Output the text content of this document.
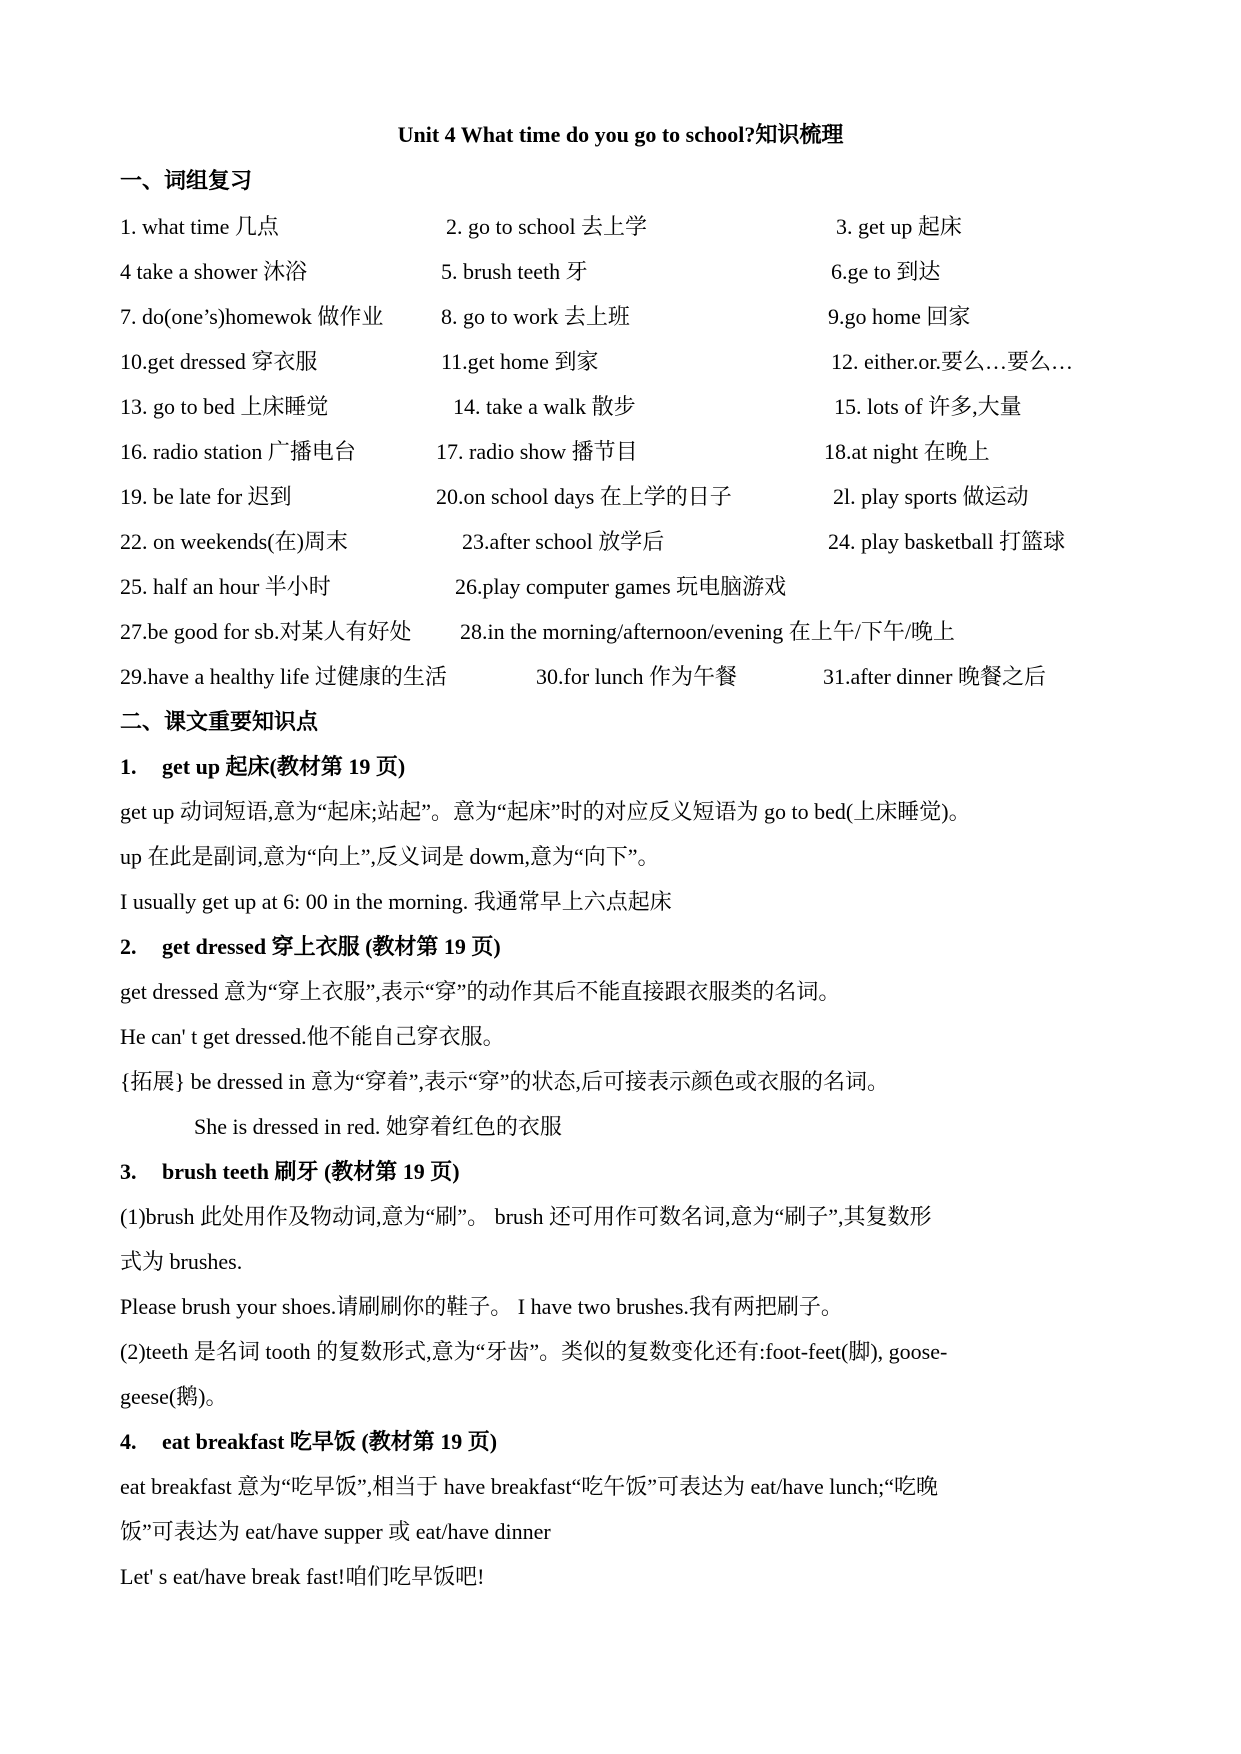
Unit 4 What time do you go to school?知识梳理
一、词组复习
1. what time 几点	2. go to school 去上学	3. get up 起床
4 take a shower 沐浴	5. brush teeth 牙	6.ge to 到达
7. do(one’s)homewok 做作业	8. go to work 去上班	9.go home 回家
10.get dressed 穿衣服	11.get home 到家	12. either.or.要么…要么…
13. go to bed 上床睡觉	14. take a walk 散步	15. lots of 许多,大量
16. radio station 广播电台	17. radio show 播节目	18.at night 在晚上
19. be late for 迟到	20.on school days 在上学的日子	2l. play sports 做运动
22. on weekends(在)周末	23.after school 放学后	24. play basketball 打篮球
25. half an hour 半小时	26.play computer games 玩电脑游戏
27.be good for sb.对某人有好处 28.in the morning/afternoon/evening 在上午/下午/晚上
29.have a healthy life 过健康的生活	30.for lunch 作为午餐	31.after dinner 晚餐之后
二、课文重要知识点
1. get up 起床(教材第 19 页)
get up 动词短语,意为“起床;站起”。意为“起床”时的对应反义短语为 go to bed(上床睡觉)。
up 在此是副词,意为“向上”,反义词是 dowm,意为“向下”。
I usually get up at 6: 00 in the morning. 我通常早上六点起床
2. get dressed 穿上衣服 (教材第 19 页)
get dressed 意为“穿上衣服”,表示“穿”的动作其后不能直接跟衣服类的名词。
He can' t get dressed.他不能自己穿衣服。
{拓展} be dressed in 意为“穿着”,表示“穿”的状态,后可接表示颜色或衣服的名词。
She is dressed in red. 她穿着红色的衣服
3. brush teeth 刷牙 (教材第 19 页)
(1)brush 此处用作及物动词,意为“刷”。 brush 还可用作可数名词,意为“刷子”,其复数形
式为 brushes.
Please brush your shoes.请刷刷你的鞋子。 I have two brushes.我有两把刷子。
(2)teeth 是名词 tooth 的复数形式,意为“牙齿”。类似的复数变化还有:foot-feet(脚), goose-
geese(鹅)。
4. eat breakfast 吃早饭 (教材第 19 页)
eat breakfast 意为“吃早饭”,相当于 have breakfast“吃午饭”可表达为 eat/have lunch;“吃晚
饭”可表达为 eat/have supper 或 eat/have dinner
Let' s eat/have break fast!咱们吃早饭吧!
